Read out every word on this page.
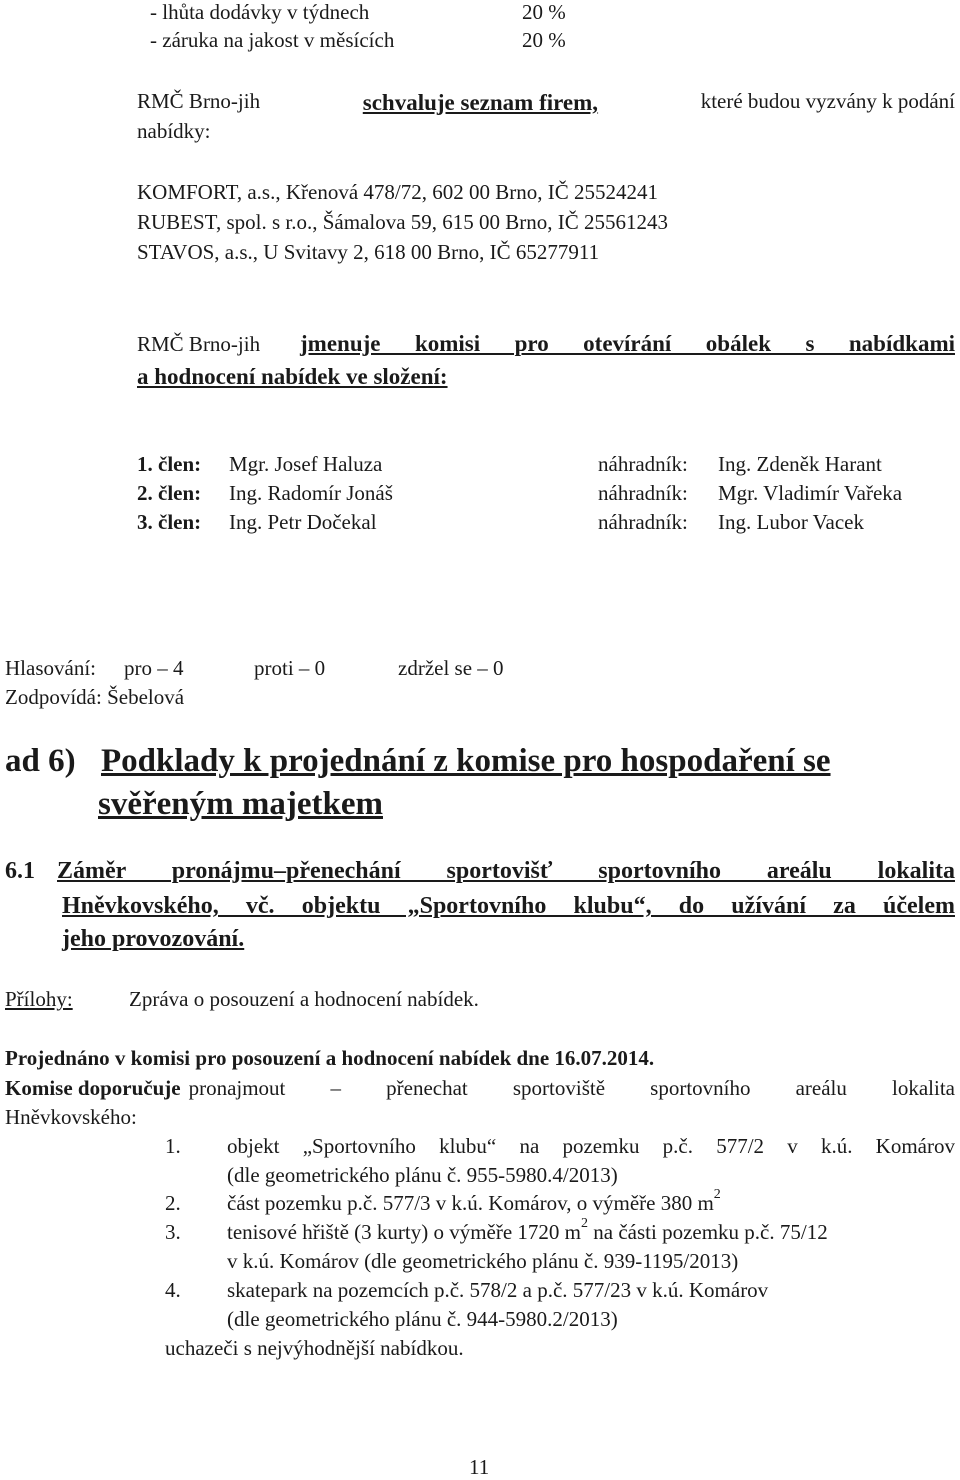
- lhůta dodávky v týdnech	20 %
- záruka na jakost v měsících	20 %
RMČ Brno-jih	schvaluje seznam firem,	které budou vyzvány k podání
nabídky:
KOMFORT, a.s., Křenová 478/72, 602 00 Brno, IČ 25524241
RUBEST, spol. s r.o., Šámalova 59, 615 00 Brno, IČ 25561243
STAVOS, a.s., U Svitavy 2, 618 00 Brno, IČ 65277911
RMČ Brno-jih jmenuje komisi pro otevírání obálek s nabídkami
a hodnocení nabídek ve složení:
1. člen: Mgr. Josef Haluza	náhradník: Ing. Zdeněk Harant
2. člen: Ing. Radomír Jonáš	náhradník: Mgr. Vladimír Vařeka
3. člen: Ing. Petr Dočekal	náhradník: Ing. Lubor Vacek
Hlasování: pro – 4	proti – 0	zdržel se – 0
Zodpovídá: Šebelová
ad 6) Podklady k projednání z komise pro hospodaření se
svěřeným majetkem
6.1 Záměr pronájmu–přenechání sportovišť sportovního areálu lokalita
Hněvkovského, vč. objektu „Sportovního klubu“, do užívání za účelem
jeho provozování.
Přílohy:	Zpráva o posouzení a hodnocení nabídek.
Projednáno v komisi pro posouzení a hodnocení nabídek dne 16.07.2014.
Komise doporučuje pronajmout – přenechat sportoviště sportovního areálu lokalita
Hněvkovského:
1. objekt „Sportovního klubu“ na pozemku p.č. 577/2 v k.ú. Komárov
(dle geometrického plánu č. 955-5980.4/2013)
2. část pozemku p.č. 577/3 v k.ú. Komárov, o výměře 380 $m^2$
3. tenisové hřiště (3 kurty) o výměře 1720 $m^2$ na části pozemku p.č. 75/12
v k.ú. Komárov (dle geometrického plánu č. 939-1195/2013)
4. skatepark na pozemcích p.č. 578/2 a p.č. 577/23 v k.ú. Komárov
(dle geometrického plánu č. 944-5980.2/2013)
uchazeči s nejvýhodnější nabídkou.
11
